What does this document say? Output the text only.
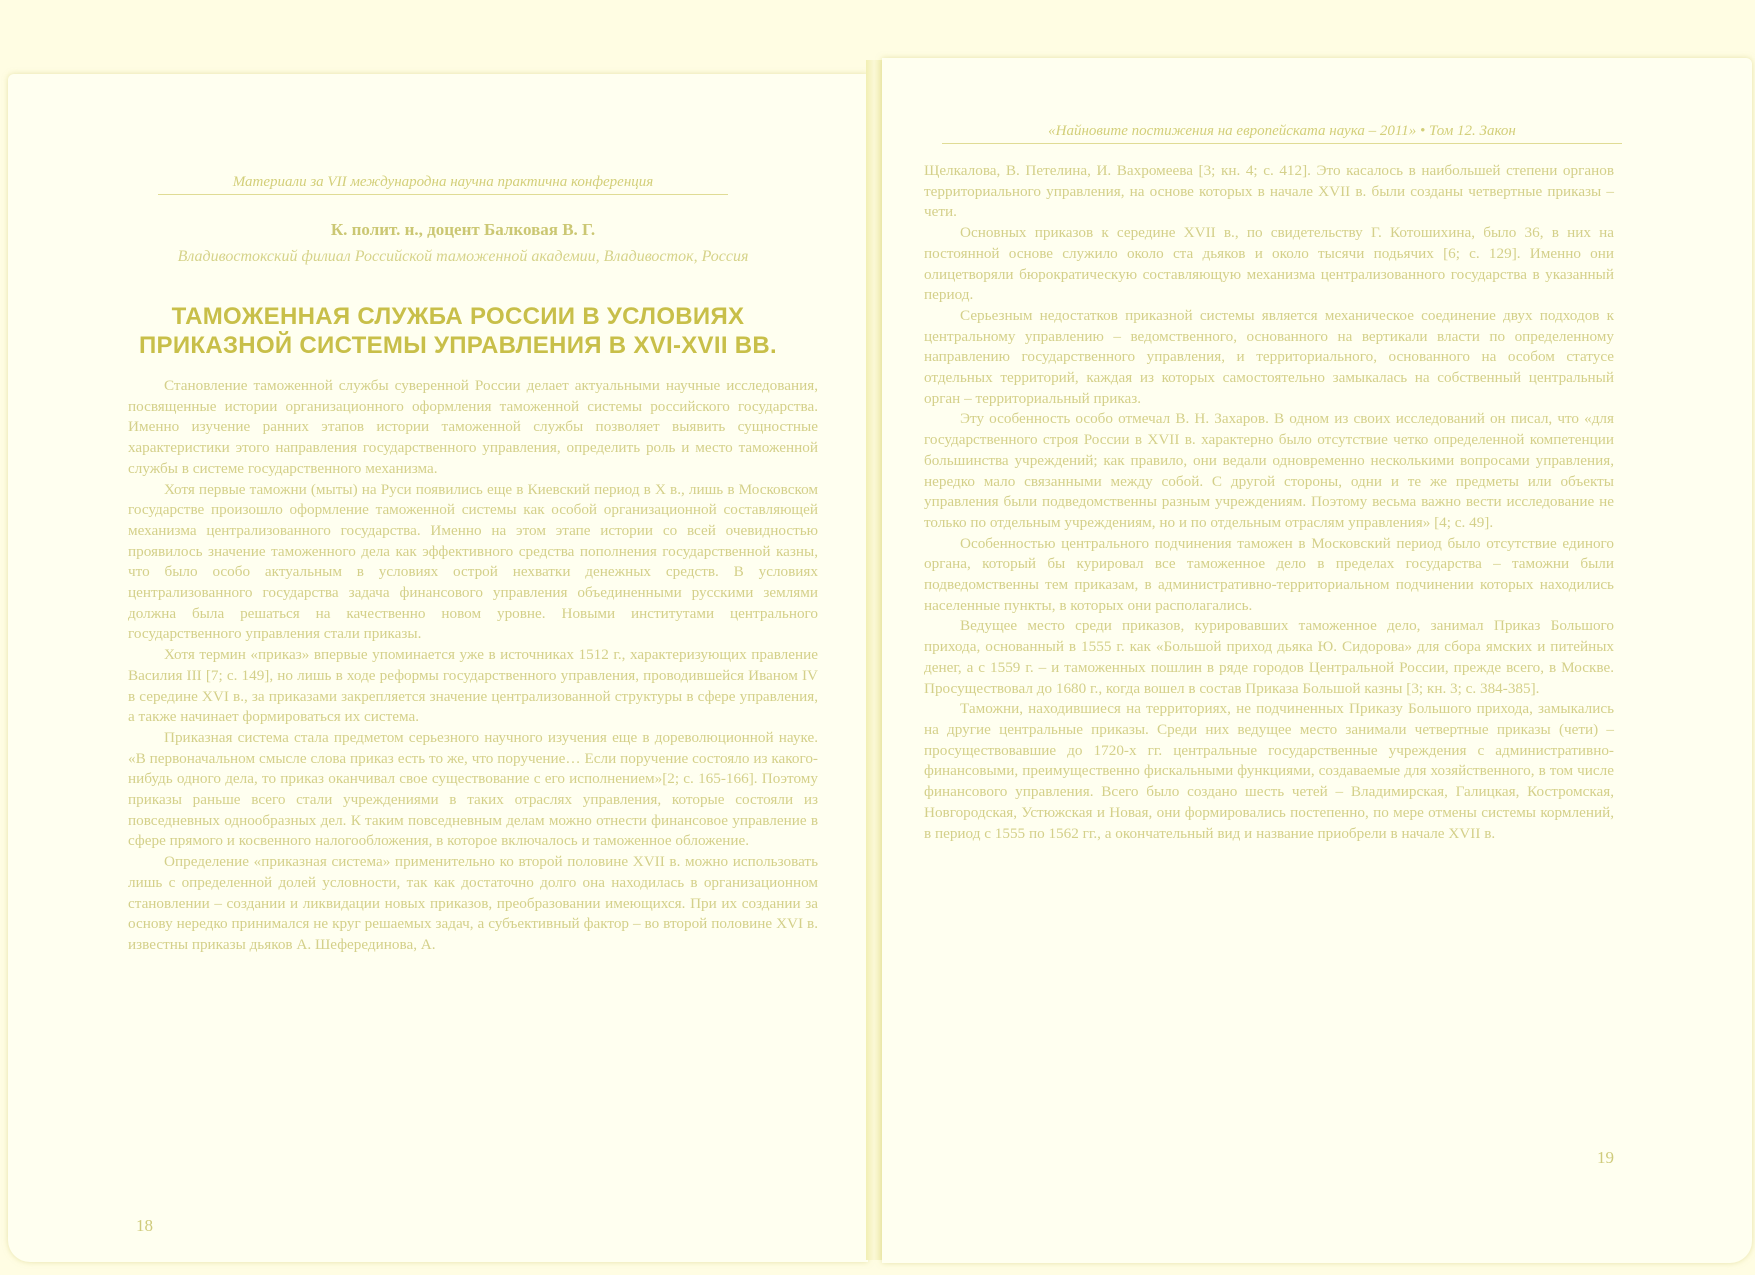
Материали за VII международна научна практична конференция
К. полит. н., доцент Балковая В. Г.
Владивостокский филиал Российской таможенной академии, Владивосток, Россия
ТАМОЖЕННАЯ СЛУЖБА РОССИИ В УСЛОВИЯХ ПРИКАЗНОЙ СИСТЕМЫ УПРАВЛЕНИЯ В XVI-XVII ВВ.

Становление таможенной службы суверенной России делает актуальными научные исследования, посвященные истории организационного оформления таможенной системы российского государства. Именно изучение ранних этапов истории таможенной службы позволяет выявить сущностные характеристики этого направления государственного управления, определить роль и место таможенной службы в системе государственного механизма.

Хотя первые таможни (мыты) на Руси появились еще в Киевский период в X в., лишь в Московском государстве произошло оформление таможенной системы как особой организационной составляющей механизма централизованного государства. Именно на этом этапе истории со всей очевидностью проявилось значение таможенного дела как эффективного средства пополнения государственной казны, что было особо актуальным в условиях острой нехватки денежных средств. В условиях централизованного государства задача финансового управления объединенными русскими землями должна была решаться на качественно новом уровне. Новыми институтами центрального государственного управления стали приказы.

Хотя термин «приказ» впервые упоминается уже в источниках 1512 г., характеризующих правление Василия III [7; с. 149], но лишь в ходе реформы государственного управления, проводившейся Иваном IV в середине XVI в., за приказами закрепляется значение централизованной структуры в сфере управления, а также начинает формироваться их система.

Приказная система стала предметом серьезного научного изучения еще в дореволюционной науке. «В первоначальном смысле слова приказ есть то же, что поручение… Если поручение состояло из какого-нибудь одного дела, то приказ оканчивал свое существование с его исполнением»[2; с. 165-166]. Поэтому приказы раньше всего стали учреждениями в таких отраслях управления, которые состояли из повседневных однообразных дел. К таким повседневным делам можно отнести финансовое управление в сфере прямого и косвенного налогообложения, в которое включалось и таможенное обложение.

Определение «приказная система» применительно ко второй половине XVII в. можно использовать лишь с определенной долей условности, так как достаточно долго она находилась в организационном становлении – создании и ликвидации новых приказов, преобразовании имеющихся. При их создании за основу нередко принимался не круг решаемых задач, а субъективный фактор – во второй половине XVI в. известны приказы дьяков А. Шеферединова, А.

18
«Найновите постижения на европейската наука – 2011» • Том 12. Закон

Щелкалова, В. Петелина, И. Вахромеева [3; кн. 4; с. 412]. Это касалось в наибольшей степени органов территориального управления, на основе которых в начале XVII в. были созданы четвертные приказы – чети.

Основных приказов к середине XVII в., по свидетельству Г. Котошихина, было 36, в них на постоянной основе служило около ста дьяков и около тысячи подьячих [6; с. 129]. Именно они олицетворяли бюрократическую составляющую механизма централизованного государства в указанный период.

Серьезным недостатков приказной системы является механическое соединение двух подходов к центральному управлению – ведомственного, основанного на вертикали власти по определенному направлению государственного управления, и территориального, основанного на особом статусе отдельных территорий, каждая из которых самостоятельно замыкалась на собственный центральный орган – территориальный приказ.

Эту особенность особо отмечал В. Н. Захаров. В одном из своих исследований он писал, что «для государственного строя России в XVII в. характерно было отсутствие четко определенной компетенции большинства учреждений; как правило, они ведали одновременно несколькими вопросами управления, нередко мало связанными между собой. С другой стороны, одни и те же предметы или объекты управления были подведомственны разным учреждениям. Поэтому весьма важно вести исследование не только по отдельным учреждениям, но и по отдельным отраслям управления» [4; с. 49].

Особенностью центрального подчинения таможен в Московский период было отсутствие единого органа, который бы курировал все таможенное дело в пределах государства – таможни были подведомственны тем приказам, в административно-территориальном подчинении которых находились населенные пункты, в которых они располагались.

Ведущее место среди приказов, курировавших таможенное дело, занимал Приказ Большого прихода, основанный в 1555 г. как «Большой приход дьяка Ю. Сидорова» для сбора ямских и питейных денег, а с 1559 г. – и таможенных пошлин в ряде городов Центральной России, прежде всего, в Москве. Просуществовал до 1680 г., когда вошел в состав Приказа Большой казны [3; кн. 3; с. 384-385].

Таможни, находившиеся на территориях, не подчиненных Приказу Большого прихода, замыкались на другие центральные приказы. Среди них ведущее место занимали четвертные приказы (чети) – просуществовавшие до 1720-х гг. центральные государственные учреждения с административно-финансовыми, преимущественно фискальными функциями, создаваемые для хозяйственного, в том числе финансового управления. Всего было создано шесть четей – Владимирская, Галицкая, Костромская, Новгородская, Устюжская и Новая, они формировались постепенно, по мере отмены системы кормлений, в период с 1555 по 1562 гг., а окончательный вид и название приобрели в начале XVII в.

19
